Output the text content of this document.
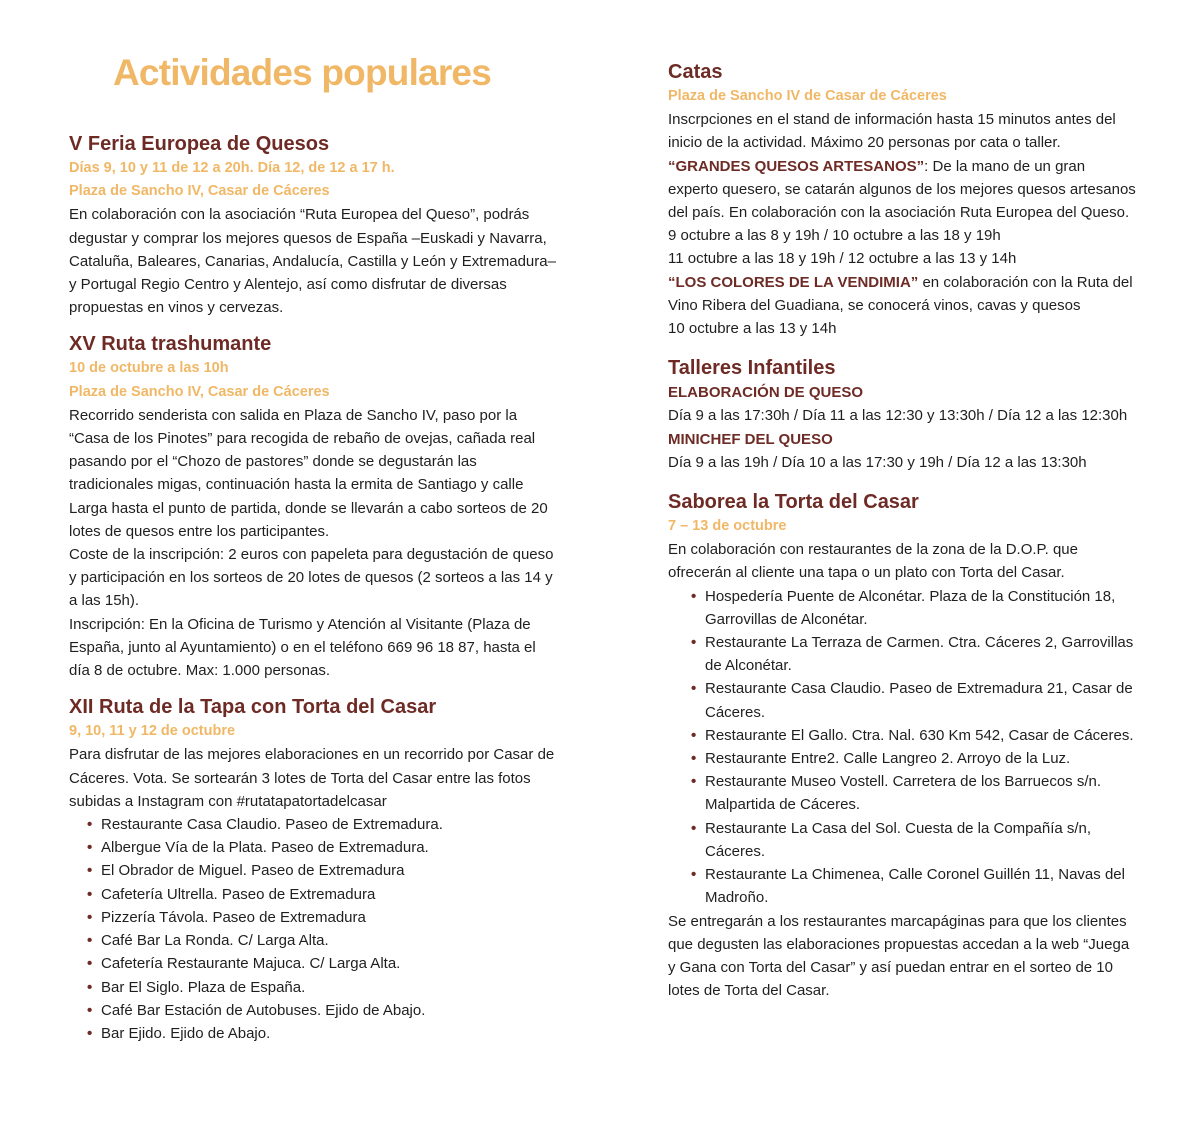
Actividades populares
V Feria Europea de Quesos

Días 9, 10 y 11 de 12 a 20h. Día 12, de 12 a 17 h.

Plaza de Sancho IV, Casar de Cáceres

En colaboración con la asociación “Ruta Europea del Queso”, podrás degustar y comprar los mejores quesos de España –Euskadi y Navarra, Cataluña, Baleares, Canarias, Andalucía, Castilla y León y Extremadura– y Portugal Regio Centro y Alentejo, así como disfrutar de diversas propuestas en vinos y cervezas.

XV Ruta trashumante

10 de octubre a las 10h

Plaza de Sancho IV, Casar de Cáceres

Recorrido senderista con salida en Plaza de Sancho IV, paso por la “Casa de los Pinotes” para recogida de rebaño de ovejas, cañada real pasando por el “Chozo de pastores” donde se degustarán las tradicionales migas, continuación hasta la ermita de Santiago y calle Larga hasta el punto de partida, donde se llevarán a cabo sorteos de 20 lotes de quesos entre los participantes.

Coste de la inscripción: 2 euros con papeleta para degustación de queso y participación en los sorteos de 20 lotes de quesos (2 sorteos a las 14 y a las 15h).

Inscripción: En la Oficina de Turismo y Atención al Visitante (Plaza de España, junto al Ayuntamiento) o en el teléfono 669 96 18 87, hasta el día 8 de octubre. Max: 1.000 personas.

XII Ruta de la Tapa con Torta del Casar

9, 10, 11 y 12 de octubre

Para disfrutar de las mejores elaboraciones en un recorrido por Casar de Cáceres. Vota. Se sortearán 3 lotes de Torta del Casar entre las fotos subidas a Instagram con #rutatapatortadelcasar

• Restaurante Casa Claudio. Paseo de Extremadura.
• Albergue Vía de la Plata. Paseo de Extremadura.
• El Obrador de Miguel. Paseo de Extremadura
• Cafetería Ultrella. Paseo de Extremadura
• Pizzería Távola. Paseo de Extremadura
• Café Bar La Ronda. C/ Larga Alta.
• Cafetería Restaurante Majuca. C/ Larga Alta.
• Bar El Siglo. Plaza de España.
• Café Bar Estación de Autobuses. Ejido de Abajo.
• Bar Ejido. Ejido de Abajo.
Catas

Plaza de Sancho IV de Casar de Cáceres

Inscrpciones en el stand de información hasta 15 minutos antes del inicio de la actividad. Máximo 20 personas por cata o taller.

“GRANDES QUESOS ARTESANOS”: De la mano de un gran experto quesero, se catarán algunos de los mejores quesos artesanos del país. En colaboración con la asociación Ruta Europea del Queso.

9 octubre a las 8 y 19h / 10 octubre a las 18 y 19h

11 octubre a las 18 y 19h / 12 octubre a las 13 y 14h

“LOS COLORES DE LA VENDIMIA” en colaboración con la Ruta del Vino Ribera del Guadiana, se conocerá vinos, cavas y quesos

10 octubre a las 13 y 14h

Talleres Infantiles

ELABORACIÓN DE QUESO

Día 9 a las 17:30h / Día 11 a las 12:30 y 13:30h / Día 12 a las 12:30h

MINICHEF DEL QUESO

Día 9 a las 19h / Día 10 a las 17:30 y 19h / Día 12 a las 13:30h

Saborea la Torta del Casar

7 – 13 de octubre

En colaboración con restaurantes de la zona de la D.O.P. que ofrecerán al cliente una tapa o un plato con Torta del Casar.

• Hospedería Puente de Alconétar. Plaza de la Constitución 18, Garrovillas de Alconétar.
• Restaurante La Terraza de Carmen. Ctra. Cáceres 2, Garrovillas de Alconétar.
• Restaurante Casa Claudio. Paseo de Extremadura 21, Casar de Cáceres.
• Restaurante El Gallo. Ctra. Nal. 630 Km 542, Casar de Cáceres.
• Restaurante Entre2. Calle Langreo 2. Arroyo de la Luz.
• Restaurante Museo Vostell. Carretera de los Barruecos s/n. Malpartida de Cáceres.
• Restaurante La Casa del Sol. Cuesta de la Compañía s/n, Cáceres.
• Restaurante La Chimenea, Calle Coronel Guillén 11, Navas del Madroño.

Se entregarán a los restaurantes marcapáginas para que los clientes que degusten las elaboraciones propuestas accedan a la web “Juega y Gana con Torta del Casar” y así puedan entrar en el sorteo de 10 lotes de Torta del Casar.
